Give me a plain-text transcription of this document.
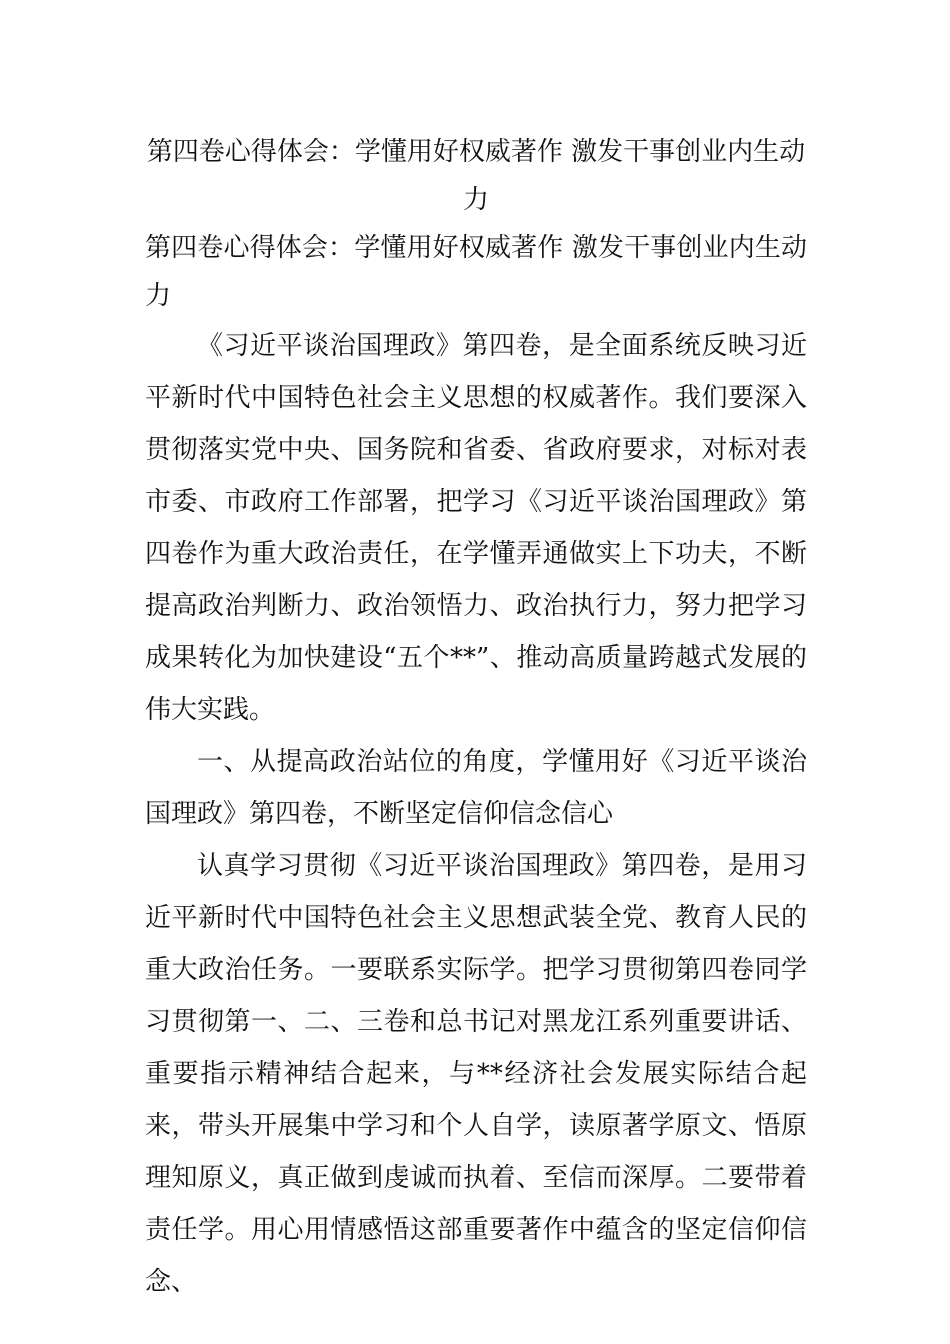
第四卷心得体会：学懂用好权威著作 激发干事创业内生动力

第四卷心得体会：学懂用好权威著作 激发干事创业内生动力

《习近平谈治国理政》第四卷，是全面系统反映习近平新时代中国特色社会主义思想的权威著作。我们要深入贯彻落实党中央、国务院和省委、省政府要求，对标对表市委、市政府工作部署，把学习《习近平谈治国理政》第四卷作为重大政治责任，在学懂弄通做实上下功夫，不断提高政治判断力、政治领悟力、政治执行力，努力把学习成果转化为加快建设“五个**”、推动高质量跨越式发展的伟大实践。

一、从提高政治站位的角度，学懂用好《习近平谈治国理政》第四卷，不断坚定信仰信念信心

认真学习贯彻《习近平谈治国理政》第四卷，是用习近平新时代中国特色社会主义思想武装全党、教育人民的重大政治任务。一要联系实际学。把学习贯彻第四卷同学习贯彻第一、二、三卷和总书记对黑龙江系列重要讲话、重要指示精神结合起来，与**经济社会发展实际结合起来，带头开展集中学习和个人自学，读原著学原文、悟原理知原义，真正做到虔诚而执着、至信而深厚。二要带着责任学。用心用情感悟这部重要著作中蕴含的坚定信仰信念、
